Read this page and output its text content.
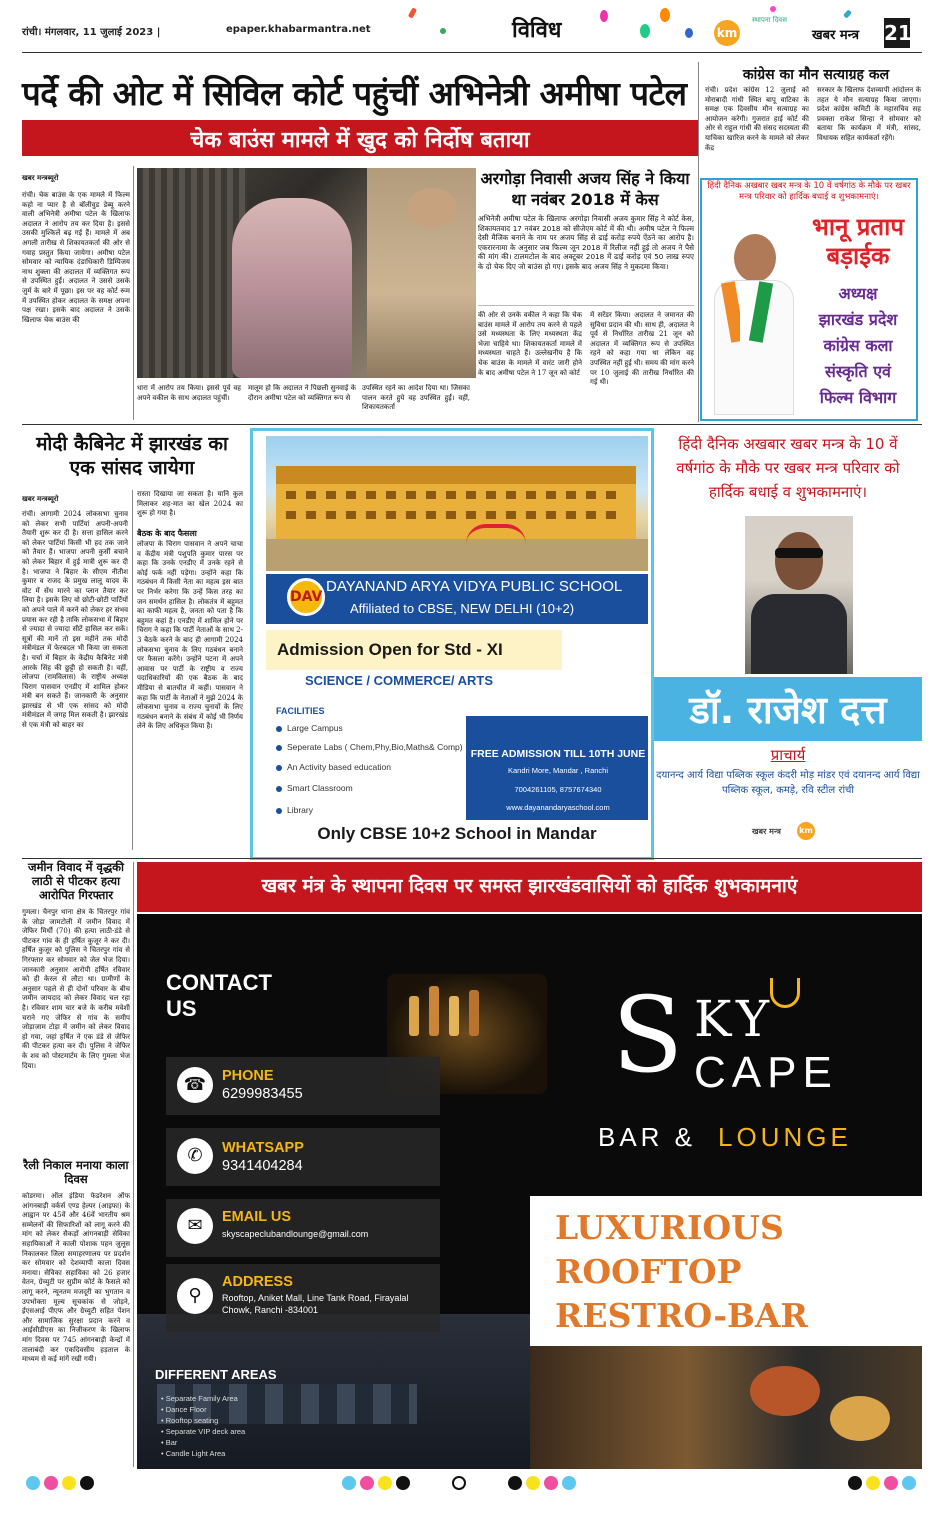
रांची। मंगलवार, 11 जुलाई 2023 |	epaper.khabarmantra.net	विविध	km
स्थापना दिवस
खबर मन्त्र 21
पर्दे की ओट में सिविल कोर्ट पहुंचीं अभिनेत्री अमीषा पटेल
चेक बाउंस मामले में खुद को निर्दोष बताया
खबर मन्त्रब्यूरो
रांची। चेक बाउंस के एक मामले में फिल्म कहो ना प्यार है से बॉलीवुड डेब्यू करने वाली अभिनेत्री अमीषा पटेल के खिलाफ अदालत ने आरोप तय कर दिया है। इससे उसकी मुश्किलें बढ़ गई हैं। मामले में अब अगली तारीख से शिकायतकर्ता की ओर से गवाह प्रस्तुत किया जायेगा। अमीषा पटेल सोमवार को न्यायिक दंडाधिकारी डिम्पिजय नाथ शुक्ला की अदालत में व्यक्तिगत रूप से उपस्थित हुईं। अदालत ने उससे उसके जुर्म के बारे में पूछा। इस पर वह कोर्ट रूम में उपस्थित होकर अदालत के समक्ष अपना पक्ष रखा। इसके बाद अदालत ने उसके खिलाफ चेक बाउंस की
धारा में आरोप तय किया। इससे पूर्व वह अपने वकील के साथ अदालत पहुंचीं।
मालूम हो कि अदालत ने पिछली सुनवाई के दौरान अमीषा पटेल को व्यक्तिगत रूप से
उपस्थित रहने का आदेश दिया था। जिसका पालन करते हुये वह उपस्थित हुईं। वहीं, शिकायतकर्ता
अरगोड़ा निवासी अजय सिंह ने किया था नवंबर 2018 में केस
अभिनेत्री अमीषा पटेल के खिलाफ अरगोड़ा निवासी अजय कुमार सिंह ने कोर्ट केस, शिकायतवाद 17 नवंबर 2018 को सीजेएम कोर्ट में की थी। अमीष पटेल ने फिल्म देसी मैजिक बनाने के नाम पर अजय सिंह से ढाई करोड़ रुपये ऐंठने का आरोप है। एकरारनामा के अनुसार जब फिल्म जून 2018 में रिलीज नहीं हुई तो अजय ने पैसे की मांग की। टालमटोल के बाद अक्टूबर 2018 में ढाई करोड़ एवं 50 लाख रुपए के दो चेक दिए जो बाउंस हो गए। इसके बाद अजय सिंह ने मुकदमा किया।
की ओर से उनके वकील ने कहा कि चेक बाउंस मामले में आरोप तय करने से पहले उसे मध्यस्थता के लिए मध्यस्थता केंद्र भेजा चाहिये था। शिकायतकर्ता मामले में मध्यस्थता चाहते हैं। उल्लेखनीय है कि चेक बाउंस के मामले में वारंट जारी होने के बाद अमीषा पटेल ने 17 जून को कोर्ट
में सरेंडर किया। अदालत ने जमानत की सुविधा प्रदान की थी। साथ ही, अदालत ने पूर्व से निर्धारित तारीख 21 जून को अदालत में व्यक्तिगत रूप से उपस्थित रहने को कहा गया था लेकिन वह उपस्थित नहीं हुई थी। समय की मांग करने पर 10 जुलाई की तारीख निर्धारित की गई थी।
कांग्रेस का मौन सत्याग्रह कल
रांची। प्रदेश कांग्रेस 12 जुलाई को मोराबादी गांधी स्थित बापू वाटिका के समक्ष एक दिवसीय मौन सत्याग्रह का आयोजन करेगी। गुजरात हाई कोर्ट की ओर से राहुल गांधी की संसद सदस्यता की याचिका खारिज करने के मामले को लेकर केंद्र
सरकार के खिलाफ देशव्यापी आंदोलन के तहत ये मौन सत्याग्रह किया जाएगा। प्रदेश कांग्रेस कमिटी के महासचिव सह प्रवक्ता राकेश सिन्हा ने सोमवार को बताया कि कार्यक्रम में मंत्री, सांसद, विधायक सहित कार्यकर्ता रहेंगे।
हिंदी दैनिक अखबार खबर मन्त्र के 10 वें वर्षगांठ के मौके पर खबर मन्त्र परिवार को हार्दिक बधाई व शुभकामनाएं।
भानू प्रताप बड़ाईक
अध्यक्ष
झारखंड प्रदेश
कांग्रेस कला
संस्कृति एवं
फिल्म विभाग
मोदी कैबिनेट में झारखंड का एक सांसद जायेगा
खबर मन्त्रब्यूरो
रांची। आगामी 2024 लोकसभा चुनाव को लेकर सभी पार्टियां अपनी-अपनी तैयारी शुरू कर दी है। सत्ता हासिल करने को लेकर पार्टियां किसी भी हद तक जाने को तैयार हैं। भाजपा अपनी कुर्सी बचाने को लेकर बिहार में हुई मात्री शुरू कर दी है। भाजपा ने बिहार के सीएम नीतीश कुमार व राजद के प्रमुख लालू यादव के वोट में सेंध मारने का प्लान तैयार कर लिया है। इसके लिए वो छोटी-छोटी पार्टियों को अपने पाले में करने को लेकर हर संभव प्रयास कर रही है ताकि लोकसभा में बिहार से ज्यादा से ज्यादा सीटें हासिल कर सकें। सूत्रों की मानें तो इस महीने तक मोदी मंत्रीमंडल में फेरबदल भी किया जा सकता है। चर्चा में बिहार के केंद्रीय कैबिनेट मंत्री आरके सिंह की छुट्टी हो सकती है। वहीं, लोजपा (रामविलास) के राष्ट्रीय अध्यक्ष चिराग पासवान एनडीए में शामिल होकर मंत्री बन सकते हैं। जानकारी के अनुसार झारखंड से भी एक सांसद को मोदी मंत्रीमंडल में जगह मिल सकती है। झारखंड से एक मंत्री को बाहर का
रास्ता दिखाया जा सकता है। यानि कुल मिलाकर शह-मात का खेल 2024 का शुरू हो गया है।
बैठक के बाद फैसला
लोजपा के चिराग पासवान ने अपने चाचा व केंद्रीय मंत्री पशुपति कुमार पारस पर कहा कि उनके एनडीए में उनके रहने से कोई फर्क नहीं पड़ेगा। उन्होंने कहा कि गठबंधन में किसी नेता का महत्व इस बात पर निर्भर करेगा कि उन्हें किस तरह का जन समर्थन हासिल है। लोकतंत्र में बहुमत का काफी महत्व है, जनता को पता है कि बहुमत कहां है। एनडीए में शामिल होने पर चिराग ने कहा कि पार्टी नेताओं के साथ 2-3 बैठकें करने के बाद ही आगामी 2024 लोकसभा चुनाव के लिए गठबंधन बनाने पर फैसला करेंगे। उन्होंने पटना में अपने आवास पर पार्टी के राष्ट्रीय व राज्य पदाधिकारियों की एक बैठक के बाद मीडिया से बातचीत में कहीं। पासवान ने कहा कि पार्टी के नेताओं ने मुझे 2024 के लोकसभा चुनाव व राज्य चुनावों के लिए गठबंधन बनाने के संबंध में कोई भी निर्णय लेने के लिए अधिकृत किया है।
DAV
DAYANAND ARYA VIDYA PUBLIC SCHOOL
Affiliated to CBSE, NEW DELHI (10+2)
Admission Open for Std - XI
SCIENCE / COMMERCE/ ARTS
FACILITIES
Large Campus
Seperate Labs ( Chem,Phy,Bio,Maths& Comp)
An Activity based education
Smart Classroom
Library
FREE ADMISSION TILL 10TH JUNE
Kandri More, Mandar , Ranchi
7004261105, 8757674340
www.dayanandaryaschool.com
Only CBSE 10+2 School in Mandar
हिंदी दैनिक अखबार खबर मन्त्र के 10 वें वर्षगांठ के मौके पर खबर मन्त्र परिवार को हार्दिक बधाई व शुभकामनाएं।
डॉ. राजेश दत्त
प्राचार्य
दयानन्द आर्य विद्या पब्लिक स्कूल कंदरी मोड़ मांडर एवं दयानन्द आर्य विद्या पब्लिक स्कूल, कमड़े, रवि स्टील रांची
खबर मन्त्र km
जमीन विवाद में वृद्धकी लाठी से पीटकर हत्या आरोपित गिरफ्तार
गुमला। चैनपुर थाना क्षेत्र के चितरपुर गांव के जोड़ा जामटोली में जमीन विवाद में जेफिर मिर्धी (70) की हत्या लाठी-डंडे से पीटकर गांव के ही हर्षित कुजूर ने कर दी। हर्षित कुजूर को पुलिस ने चितरपुर गांव से गिरफ्तार कर सोमवार को जेल भेज दिया। जानकारी अनुसार आरोपी हर्षित रविवार को ही केरल से लौटा था। ग्रामीणों के अनुसार पहले से ही दोनों परिवार के बीच जमीन जायदाद को लेकर विवाद चल रहा है। रविवार शाम चार बजे के करीब मवेशी चराने गए जेफिर से गांव के समीप जोड़ाजाम टोड़ा में जमीन को लेकर विवाद हो गया, जहां हर्षित ने एक डंडे से जेफिर की पीटकर हत्या कर दी। पुलिस ने जेफिर के शव को पोस्टमार्टम के लिए गुमला भेज दिया।
रैली निकाल मनाया काला दिवस
कोडरमा। ऑल इंडिया फेडरेशन ऑफ आंगनबाड़ी वर्कर्स एण्ड हेल्पर (आइफा) के आह्वान पर 45वें और 46वें भारतीय श्रम सम्मेलनों की सिफारिशों को लागू करने की मांग को लेकर सैकड़ों आंगनबाड़ी सेविका सहायिकाओं ने काली पोशाक पहन जुलूस निकालकर जिला समाहरणालय पर प्रदर्शन कर सोमवार को देशव्यापी काला दिवस मनाया। सेविका सहायिका को 26 हजार वेतन, ग्रेच्युटी पर सुप्रीम कोर्ट के फैसले को लागू करने, न्यूनतम मजदूरी का भुगतान व उपभोक्ता मूल्य सूचकांक से जोड़ने, ईएसआई पीएफ और ग्रेच्युटी सहित पेंशन और सामाजिक सुरक्षा प्रदान करने व आईसीडीएस का निजीकरण के खिलाफ मांग दिवस पर 745 आंगनबाड़ी केन्द्रों में तालाबंदी कर एकदिवसीय हड़ताल के माध्यम से कई मांगें रखी गयी।
खबर मंत्र के स्थापना दिवस पर समस्त झारखंडवासियों को हार्दिक शुभकामनाएं
CONTACT US
☎	PHONE
6299983455
✆	WHATSAPP
9341404284
✉	EMAIL US
skyscapeclubandlounge@gmail.com
⚲
ADDRESS
Rooftop, Aniket Mall, Line Tank Road, Firayalal Chowk, Ranchi -834001
S KY
CAPE
BAR & LOUNGE
LUXURIOUS ROOFTOP RESTRO-BAR
DIFFERENT AREAS
• Separate Family Area
• Dance Floor
• Rooftop seating
• Separate VIP deck area
• Bar
• Candle Light Area
